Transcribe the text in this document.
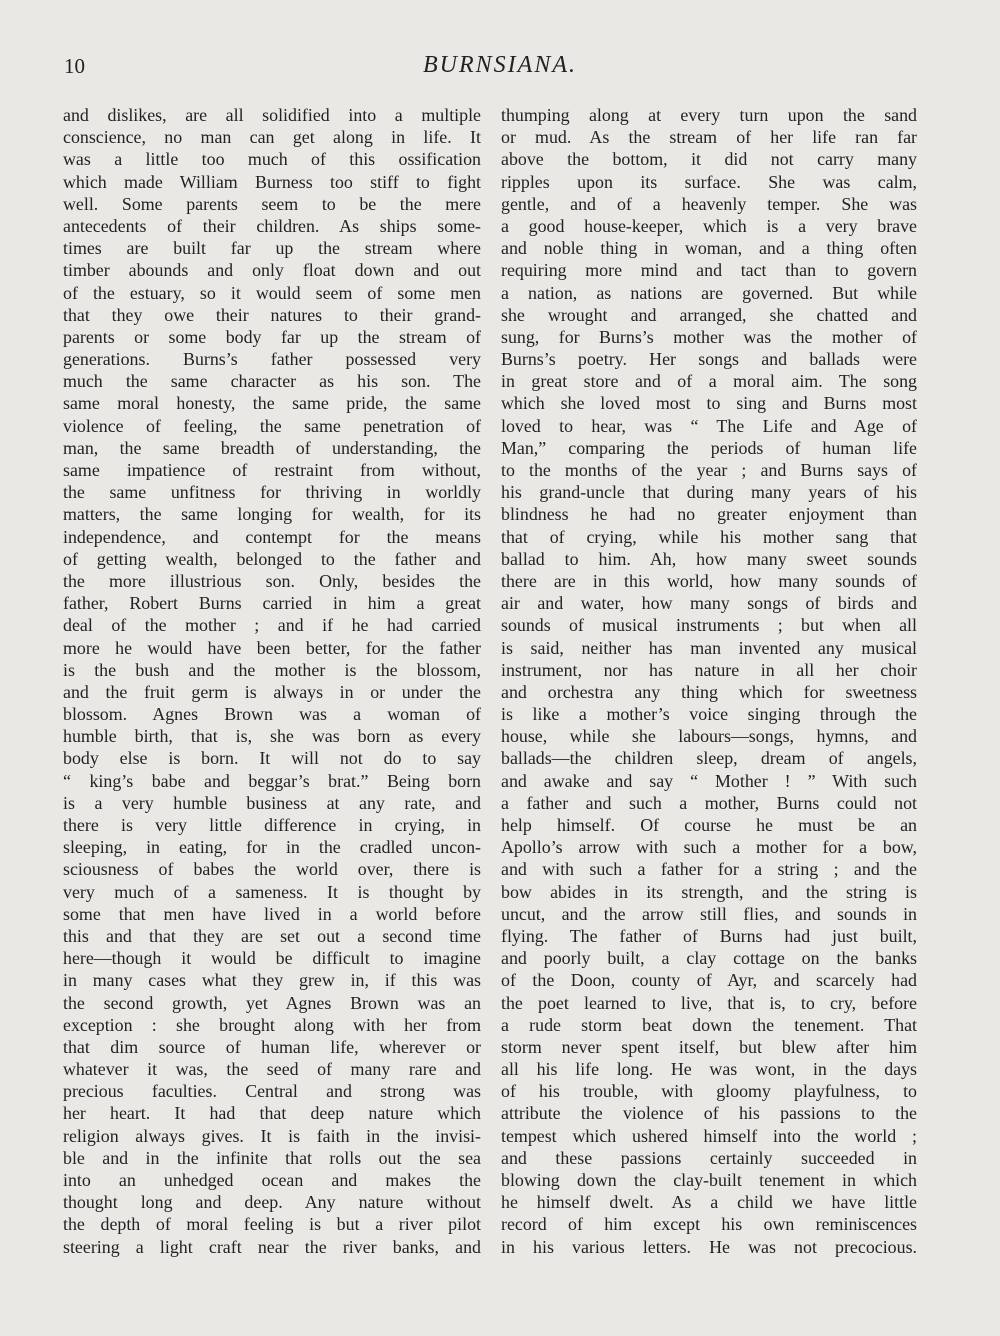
10	BURNSIANA.
and dislikes, are all solidified into a multiple
conscience, no man can get along in life. It
was a little too much of this ossification
which made William Burness too stiff to fight
well. Some parents seem to be the mere
antecedents of their children. As ships some-
times are built far up the stream where
timber abounds and only float down and out
of the estuary, so it would seem of some men
that they owe their natures to their grand-
parents or some body far up the stream of
generations. Burns’s father possessed very
much the same character as his son. The
same moral honesty, the same pride, the same
violence of feeling, the same penetration of
man, the same breadth of understanding, the
same impatience of restraint from without,
the same unfitness for thriving in worldly
matters, the same longing for wealth, for its
independence, and contempt for the means
of getting wealth, belonged to the father and
the more illustrious son. Only, besides the
father, Robert Burns carried in him a great
deal of the mother ; and if he had carried
more he would have been better, for the father
is the bush and the mother is the blossom,
and the fruit germ is always in or under the
blossom. Agnes Brown was a woman of
humble birth, that is, she was born as every
body else is born. It will not do to say
“ king’s babe and beggar’s brat.” Being born
is a very humble business at any rate, and
there is very little difference in crying, in
sleeping, in eating, for in the cradled uncon-
sciousness of babes the world over, there is
very much of a sameness. It is thought by
some that men have lived in a world before
this and that they are set out a second time
here—though it would be difficult to imagine
in many cases what they grew in, if this was
the second growth, yet Agnes Brown was an
exception : she brought along with her from
that dim source of human life, wherever or
whatever it was, the seed of many rare and
precious faculties. Central and strong was
her heart. It had that deep nature which
religion always gives. It is faith in the invisi-
ble and in the infinite that rolls out the sea
into an unhedged ocean and makes the
thought long and deep. Any nature without
the depth of moral feeling is but a river pilot
steering a light craft near the river banks, and
thumping along at every turn upon the sand
or mud. As the stream of her life ran far
above the bottom, it did not carry many
ripples upon its surface. She was calm,
gentle, and of a heavenly temper. She was
a good house-keeper, which is a very brave
and noble thing in woman, and a thing often
requiring more mind and tact than to govern
a nation, as nations are governed. But while
she wrought and arranged, she chatted and
sung, for Burns’s mother was the mother of
Burns’s poetry. Her songs and ballads were
in great store and of a moral aim. The song
which she loved most to sing and Burns most
loved to hear, was “ The Life and Age of
Man,” comparing the periods of human life
to the months of the year ; and Burns says of
his grand-uncle that during many years of his
blindness he had no greater enjoyment than
that of crying, while his mother sang that
ballad to him. Ah, how many sweet sounds
there are in this world, how many sounds of
air and water, how many songs of birds and
sounds of musical instruments ; but when all
is said, neither has man invented any musical
instrument, nor has nature in all her choir
and orchestra any thing which for sweetness
is like a mother’s voice singing through the
house, while she labours—songs, hymns, and
ballads—the children sleep, dream of angels,
and awake and say “ Mother ! ” With such
a father and such a mother, Burns could not
help himself. Of course he must be an
Apollo’s arrow with such a mother for a bow,
and with such a father for a string ; and the
bow abides in its strength, and the string is
uncut, and the arrow still flies, and sounds in
flying. The father of Burns had just built,
and poorly built, a clay cottage on the banks
of the Doon, county of Ayr, and scarcely had
the poet learned to live, that is, to cry, before
a rude storm beat down the tenement. That
storm never spent itself, but blew after him
all his life long. He was wont, in the days
of his trouble, with gloomy playfulness, to
attribute the violence of his passions to the
tempest which ushered himself into the world ;
and these passions certainly succeeded in
blowing down the clay-built tenement in which
he himself dwelt. As a child we have little
record of him except his own reminiscences
in his various letters. He was not precocious.
